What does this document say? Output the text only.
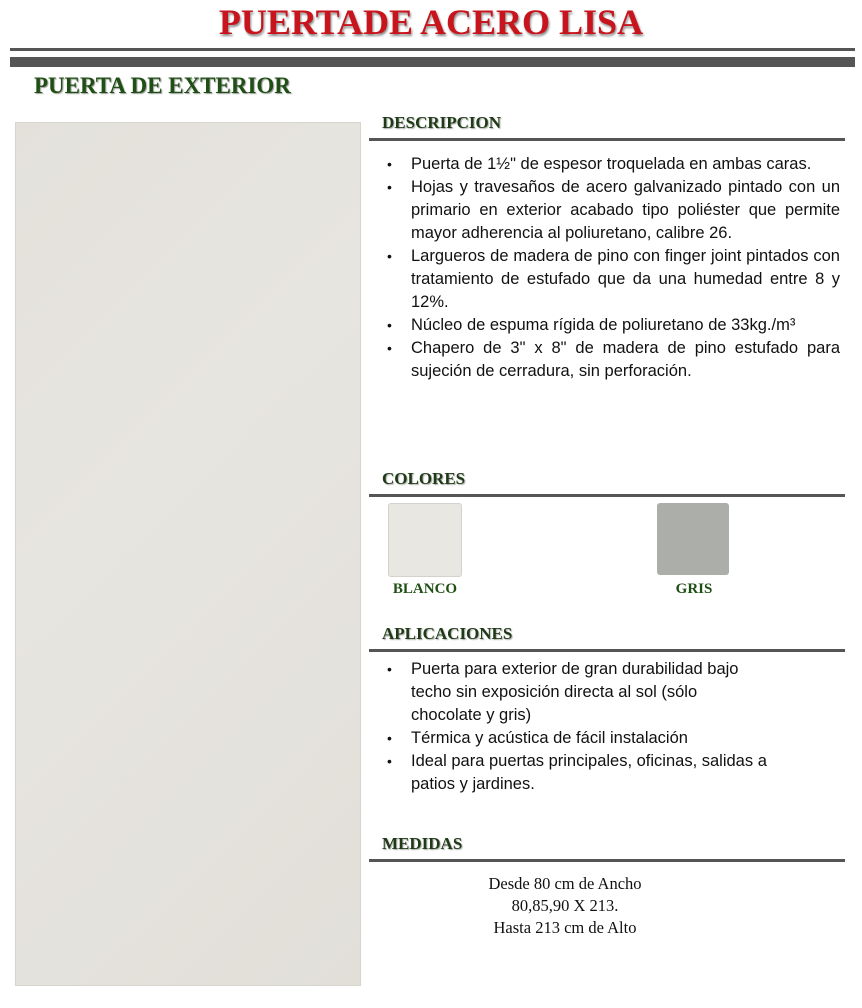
PUERTADE ACERO LISA
PUERTA DE EXTERIOR
DESCRIPCION
• Puerta de 1½" de espesor troquelada en ambas caras.
• Hojas y travesaños de acero galvanizado pintado con un primario en exterior acabado tipo poliéster que permite mayor adherencia al poliuretano, calibre 26.
• Largueros de madera de pino con finger joint pintados con tratamiento de estufado que da una humedad entre 8 y 12%.
• Núcleo de espuma rígida de poliuretano de 33kg./m³
• Chapero de 3" x 8" de madera de pino estufado para sujeción de cerradura, sin perforación.
COLORES
BLANCO	GRIS
APLICACIONES
• Puerta para exterior de gran durabilidad bajo techo sin exposición directa al sol (sólo chocolate y gris)
• Térmica y acústica de fácil instalación
• Ideal para puertas principales, oficinas, salidas a patios y jardines.
MEDIDAS
Desde 80 cm de Ancho
80,85,90 X 213.
Hasta 213 cm de Alto
